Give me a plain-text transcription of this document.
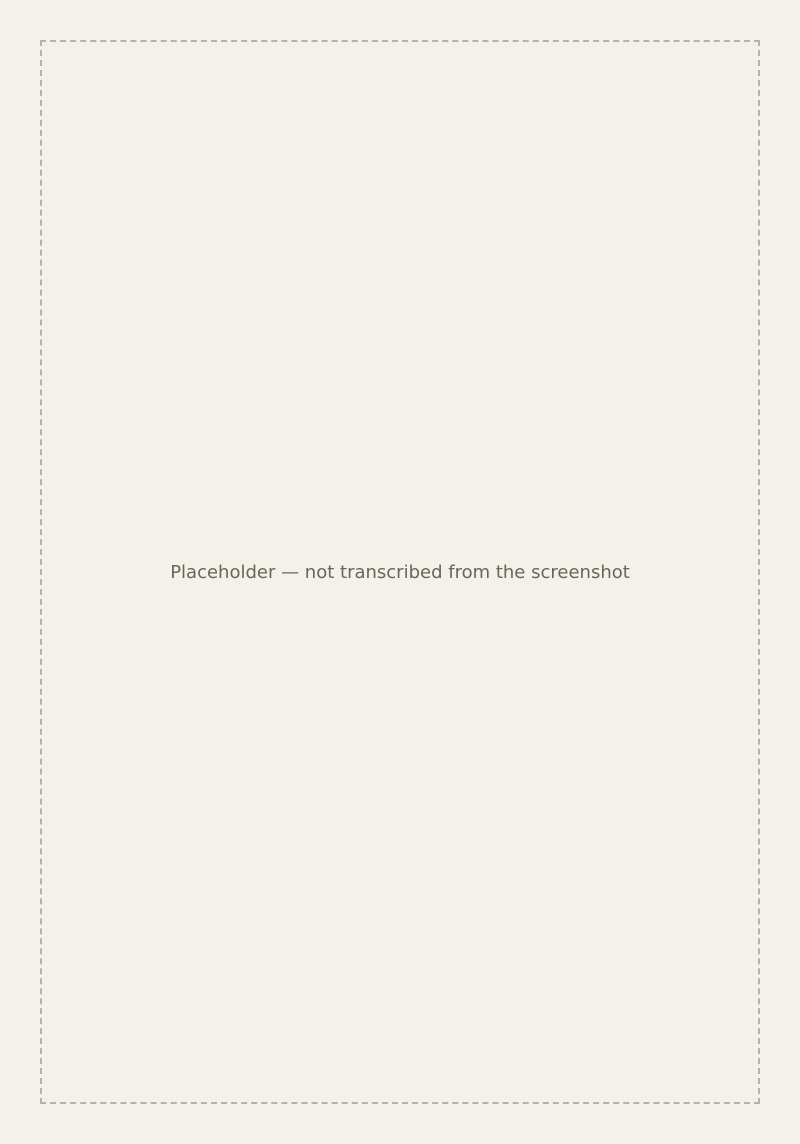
Placeholder — not transcribed from the screenshot
